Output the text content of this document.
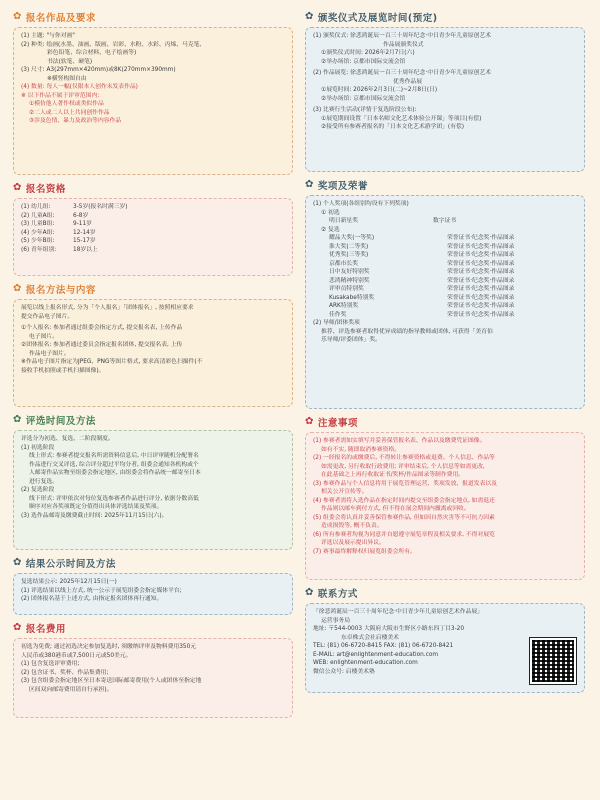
✿ 报名作品及要求
(1) 主题: "与你对画"
(2) 种类: 绘画(水墨、油画、版画、岩彩、水粉、水彩、丙烯、马克笔、
彩色铅笔、综合材料、电子绘画等)
书法(软笔、硬笔)
(3) 尺寸: A3(297mm×420mm)或8K(270mm×390mm)
※横竖构图自由
(4) 数量: 每人一幅(仅限本人创作未发表作品)
※ 以下作品不属于评审范围内:
①模仿他人著作权或类似作品
②二人或二人以上共同创作作品
③涉及色情、暴力及政治等内容作品
✿ 报名资格
(1) 幼儿组:	3-5岁(报名时满三岁)
(2) 儿童A组:	6-8岁
(3) 儿童B组:	9-11岁
(4) 少年A组:	12-14岁
(5) 少年B组:	15-17岁
(6) 青年组别:	18岁以上
✿ 报名方法与内容
展览以线上报名形式, 分为「个人报名」「团体报名」, 按照相应要求
提交作品电子图片。
①个人报名: 参加者通过组委会指定方式, 提交报名表, 上传作品
电子图片。
②团体报名: 参加者通过委员会指定报名团体, 提交报名表, 上传
作品电子图片。
※作品电子图片指定为JPEG、PNG等图片格式, 要求高清彩色扫描件(不
接收手机拍照或手机扫描图像)。
✿ 评选时间及方法
评选分为初选、复选、二阶段制度。
(1) 初选阶段
线上形式: 参赛者提交报名所需资料信息后, 中日评审随机分配署名
作品进行交叉评选, 综合评分超过平均分者, 组委会通知各机构或个
人邮寄作品实物至组委会指定地区, 由组委会将作品统一邮寄至日本
进行复选。
(2) 复选阶段
线下形式: 评审依次对每位复选参赛者作品进行评分, 依据分数高低
顺序对应各奖项既定分值得出具体评选结果及奖项。
(3) 选作品邮寄及缴费截止时间: 2025年11月15日(六)。
✿ 结果公示时间及方法
复选结果公示: 2025年12月15日(一)
(1) 评选结果以线上方式, 统一公示于展览组委会指定媒体平台;
(2) 团体报名基于上述方式, 由指定报名团体再行通知。
✿ 报名费用
初选为免费; 通过初选决定参加复选时, 须缴纳评审及物料费用350元
人民币或380港币或7,500日元或50美元。
(1) 包含复选评审费用;
(2) 包含证书、奖杯、作品集费用;
(3) 包含组委会指定地区至日本寄送国际邮寄费用(个人或团体至指定地
区间双向邮寄费用请自行承担)。
✿ 颁奖仪式及展览时间(预定)
(1) 颁奖仪式: 徐悲鸿诞辰一百三十周年纪念·中日青少年儿童原创艺术
作品展颁奖仪式
①颁奖仪式时间: 2026年2月7日(六)
②举办场馆: 京都市国际交流会馆
(2) 作品展览: 徐悲鸿诞辰一百三十周年纪念·中日青少年儿童原创艺术
优秀作品展
①展览时间: 2026年2月3日(二)~2月8日(日)
②举办场馆: 京都市国际交流会馆
(3) 比赛行生活动(详情于复选阶段公布):
①展览期间设置「日本名师文化艺术体验公开课」等项目(有偿)
②接受所有参赛者报名的「日本文化艺术游学团」(有偿)
✿ 奖项及荣誉
(1) 个人奖项(各组别均设有下列奖项)
① 初选
明日新星奖	数字证书
② 复选
耀品大奖(一等奖)	荣誉证书·纪念奖·作品图录
淮大奖(二等奖)	荣誉证书·纪念奖·作品图录
优秀奖(三等奖)	荣誉证书·纪念奖·作品图录
京都市长奖	荣誉证书·纪念奖·作品图录
日中友好特别奖	荣誉证书·纪念奖·作品图录
悲鸿精神特别奖	荣誉证书·纪念奖·作品图录
评审员特别奖	荣誉证书·纪念奖·作品图录
Kusakabe特别奖	荣誉证书·纪念奖·作品图录
ARK特别奖	荣誉证书·纪念奖·作品图录
佳作奖	荣誉证书·纪念奖·作品图录
(2) 导师/团体奖项
推荐、评选参赛者取得优异成绩的指导教师或团体, 可获得「美育伯
乐导师/评委团体」奖。
✿ 注意事项
(1) 参赛者需如实填写并妥善保管报名表、作品以及缴费凭证图像。
如有不实, 随即取消参赛资格。
(2) 一经报名的或缴费后, 不得转让参赛资格或退费。个人信息、作品等
如需更改, 另行收取行政费用; 评审结束后, 个人信息等如需更改,
在此基础之上再行收取证书/奖杯/作品图录等制作费用。
(3) 参赛作品与个人信息将用于展览管理运营、奖项发放、报道发表以及
相关公开宣传等。
(4) 参赛者需将入选作品在指定时间内提交至组委会指定地点, 如需退还
作品则以邮车到付方式, 但不得在展会期间内撤离或回收。
(5) 组委会将认真并妥善保管参赛作品, 但如因自然灾害等不可抗力因素
造成损毁等, 概不负责。
(6) 所有参赛者均视为同意并自愿遵守展览章程及相关要求, 不得对展览
评选以及展示提出异议。
(7) 赛事最终解释权归展览组委会所有。
✿ 联系方式
「徐悲鸿诞辰一百三十周年纪念·中日青少年儿童原创艺术作品展」
运营事务局
地址: 〒544-0003 大阪府大阪市生野区小路东四丁目3-20
东卓株式会社启楼美术
TEL: (81) 06-6720-8415 FAX: (81) 06-6720-8421
E-MAIL: art@enlightenment-education.com
WEB: enlightenment-education.com
微信公众号: 启楼美术塾
